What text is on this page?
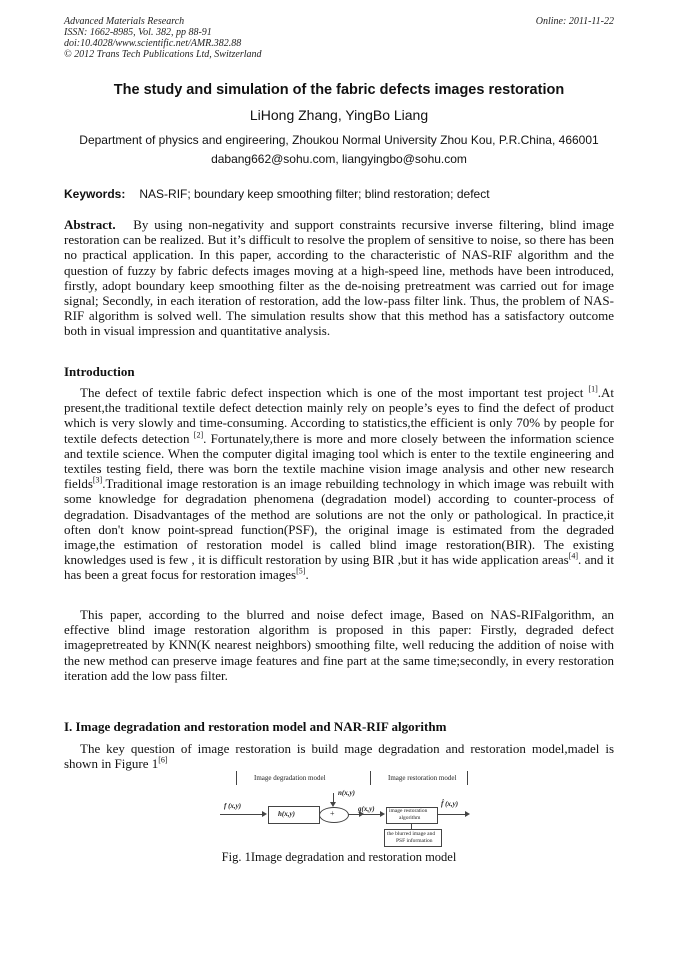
Advanced Materials Research
ISSN: 1662-8985, Vol. 382, pp 88-91
doi:10.4028/www.scientific.net/AMR.382.88
© 2012 Trans Tech Publications Ltd, Switzerland
Online: 2011-11-22
The study and simulation of the fabric defects images restoration
LiHong Zhang, YingBo Liang
Department of physics and engireering, Zhoukou Normal University Zhou Kou, P.R.China, 466001
dabang662@sohu.com, liangyingbo@sohu.com
Keywords: NAS-RIF; boundary keep smoothing filter; blind restoration; defect

Abstract. By using non-negativity and support constraints recursive inverse filtering, blind image restoration can be realized. But it’s difficult to resolve the proplem of sensitive to noise, so there has been no practical application. In this paper, according to the characteristic of NAS-RIF algorithm and the question of fuzzy by fabric defects images moving at a high-speed line, methods have been introduced, firstly, adopt boundary keep smoothing filter as the de-noising pretreatment was carried out for image signal; Secondly, in each iteration of restoration, add the low-pass filter link. Thus, the problem of NAS-RIF algorithm is solved well. The simulation results show that this method has a satisfactory outcome both in visual impression and quantitative analysis.

Introduction

The defect of textile fabric defect inspection which is one of the most important test project [1].At present,the traditional textile defect detection mainly rely on people’s eyes to find the defect of product which is very slowly and time-consuming. According to statistics,the efficient is only 70% by people for textile defects detection [2]. Fortunately,there is more and more closely between the information science and textile science. When the computer digital imaging tool which is enter to the textile engineering and textiles testing field, there was born the textile machine vision image analysis and other new research fields[3].Traditional image restoration is an image rebuilding technology in which image was rebuilt with some knowledge for degradation phenomena (degradation model) according to counter-process of degradation. Disadvantages of the method are solutions are not the only or pathological. In practice,it often don't know point-spread function(PSF), the original image is estimated from the degraded image,the estimation of restoration model is called blind image restoration(BIR). The existing knowledges used is few , it is difficult restoration by using BIR ,but it has wide application areas[4]. and it has been a great focus for restoration images[5].

This paper, according to the blurred and noise defect image, Based on NAS-RIFalgorithm, an effective blind image restoration algorithm is proposed in this paper: Firstly, degraded defect imagepretreated by KNN(K nearest neighbors) smoothing filte, well reducing the addition of noise with the new method can preserve image features and fine part at the same time;secondly, in every restoration iteration add the low pass filter.

I. Image degradation and restoration model and NAR-RIF algorithm

The key question of image restoration is build mage degradation and restoration model,madel is shown in Figure 1[6]

Image degradation model	Image restoration model
f (x,y)
h(x,y)
n(x,y)
+	g(x,y)	image restoration
algorithm
f̂ (x,y)
the blurred image and
PSF information
Fig. 1Image degradation and restoration model
